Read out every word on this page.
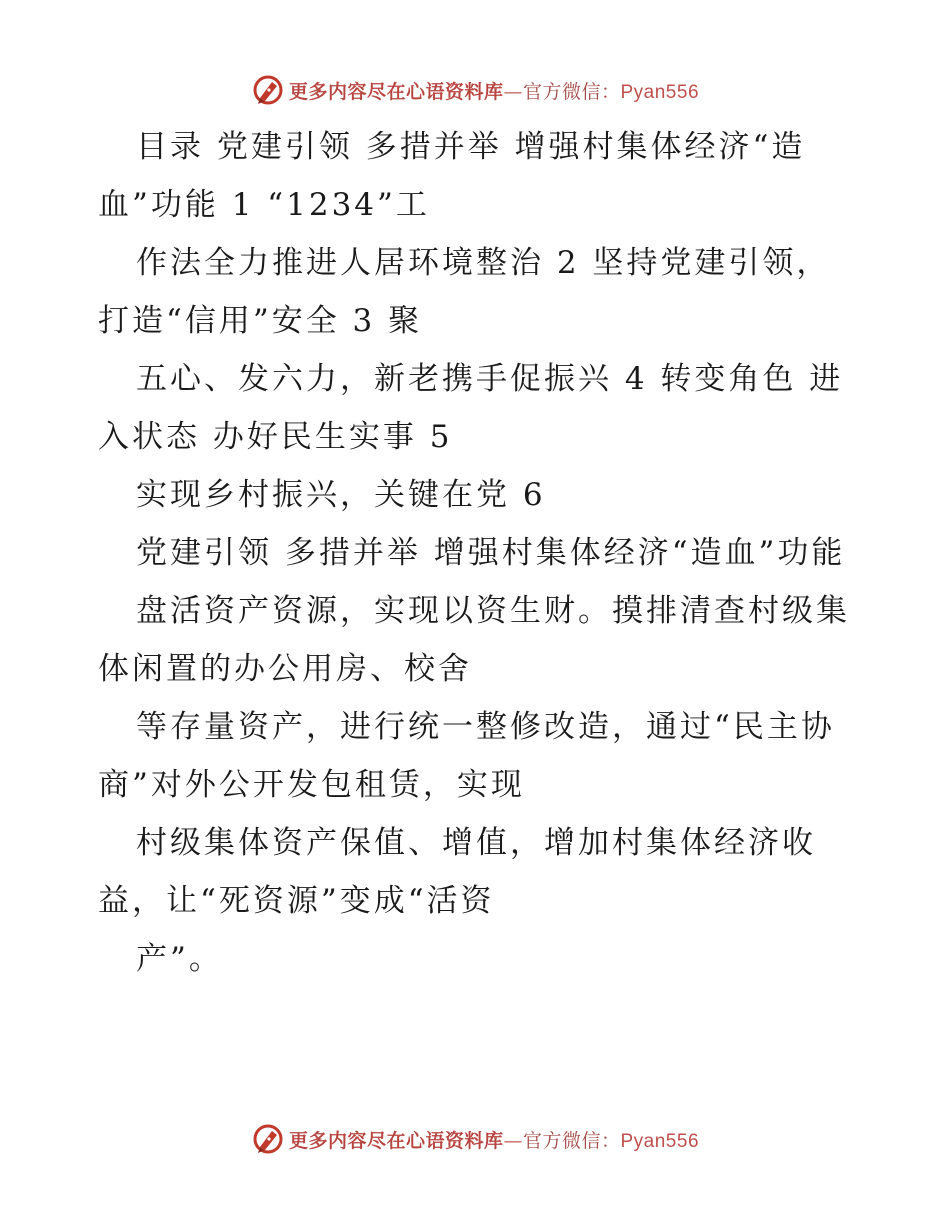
更多内容尽在心语资料库—官方微信：Pyan556

目录 党建引领 多措并举 增强村集体经济“造血”功能 1 “1234”工

作法全力推进人居环境整治 2 坚持党建引领，打造“信用”安全 3 聚

五心、发六力，新老携手促振兴 4 转变角色 进入状态 办好民生实事 5

实现乡村振兴，关键在党 6

党建引领 多措并举 增强村集体经济“造血”功能

盘活资产资源，实现以资生财。摸排清查村级集体闲置的办公用房、校舍

等存量资产，进行统一整修改造，通过“民主协商”对外公开发包租赁，实现

村级集体资产保值、增值，增加村集体经济收益，让“死资源”变成“活资

产”。

更多内容尽在心语资料库—官方微信：Pyan556
